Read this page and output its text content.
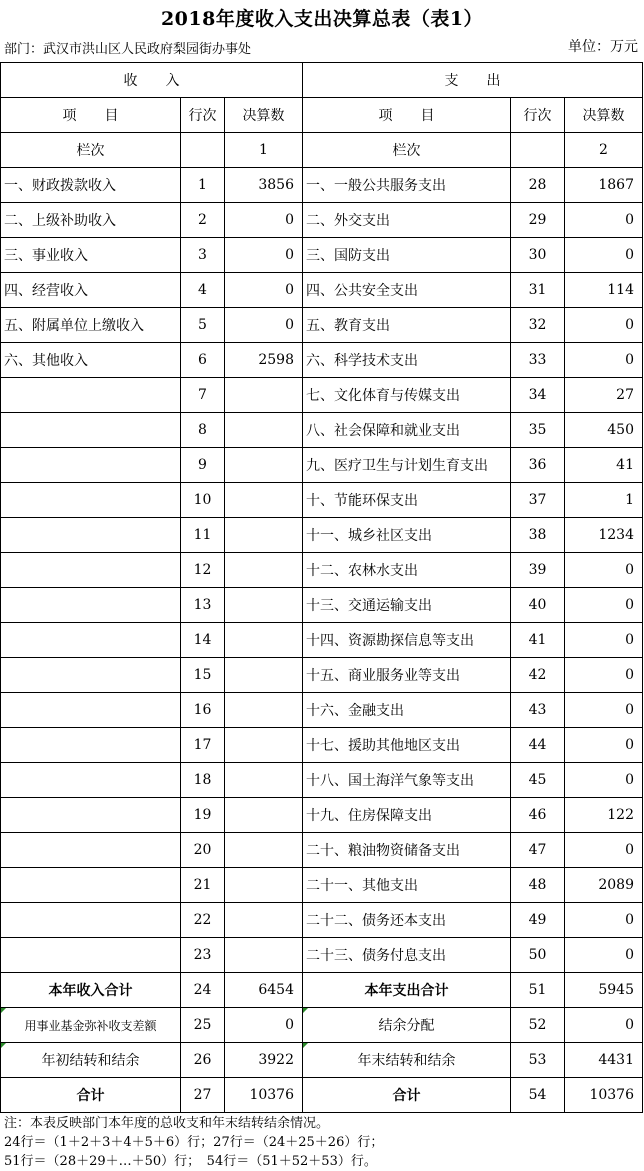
2018年度收入支出决算总表（表1）
部门：武汉市洪山区人民政府梨园街办事处	单位：万元
收　　入			支　　出		
项　　目	行次	决算数	项　　目	行次	决算数
栏次		1	栏次		2
一、财政拨款收入	1	3856	一、一般公共服务支出	28	1867
二、上级补助收入	2	0	二、外交支出	29	0
三、事业收入	3	0	三、国防支出	30	0
四、经营收入	4	0	四、公共安全支出	31	114
五、附属单位上缴收入	5	0	五、教育支出	32	0
六、其他收入	6	2598	六、科学技术支出	33	0
	7		七、文化体育与传媒支出	34	27
	8		八、社会保障和就业支出	35	450
	9		九、医疗卫生与计划生育支出	36	41
	10		十、节能环保支出	37	1
	11		十一、城乡社区支出	38	1234
	12		十二、农林水支出	39	0
	13		十三、交通运输支出	40	0
	14		十四、资源勘探信息等支出	41	0
	15		十五、商业服务业等支出	42	0
	16		十六、金融支出	43	0
	17		十七、援助其他地区支出	44	0
	18		十八、国土海洋气象等支出	45	0
	19		十九、住房保障支出	46	122
	20		二十、粮油物资储备支出	47	0
	21		二十一、其他支出	48	2089
	22		二十二、债务还本支出	49	0
	23		二十三、债务付息支出	50	0
本年收入合计	24	6454	本年支出合计	51	5945
用事业基金弥补收支差额	25	0	结余分配	52	0
年初结转和结余	26	3922	年末结转和结余	53	4431
合计	27	10376	合计	54	10376
注：本表反映部门本年度的总收支和年末结转结余情况。
24行＝（1＋2＋3＋4＋5＋6）行；27行＝（24＋25＋26）行；
51行＝（28＋29＋…＋50）行；　54行＝（51＋52＋53）行。
